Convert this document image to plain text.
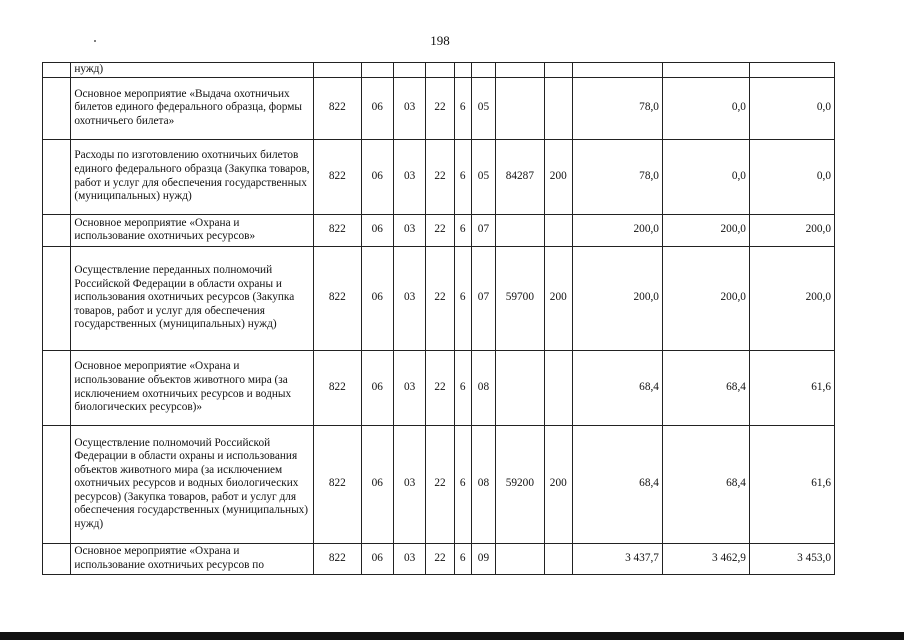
198
	нужд)											
	Основное мероприятие «Выдача охотничьих билетов единого федерального образца, формы охотничьего билета»	822	06	03	22	6	05			78,0	0,0	0,0
	Расходы по изготовлению охотничьих билетов единого федерального образца (Закупка товаров, работ и услуг для обеспечения государственных (муниципальных) нужд)	822	06	03	22	6	05	84287	200	78,0	0,0	0,0
	Основное мероприятие «Охрана и использование охотничьих ресурсов»	822	06	03	22	6	07			200,0	200,0	200,0
	Осуществление переданных полномочий Российской Федерации в области охраны и использования охотничьих ресурсов (Закупка товаров, работ и услуг для обеспечения государственных (муниципальных) нужд)	822	06	03	22	6	07	59700	200	200,0	200,0	200,0
	Основное мероприятие «Охрана и использование объектов животного мира (за исключением охотничьих ресурсов и водных биологических ресурсов)»	822	06	03	22	6	08			68,4	68,4	61,6
	Осуществление полномочий Российской Федерации в области охраны и использования объектов животного мира (за исключением охотничьих ресурсов и водных биологических ресурсов) (Закупка товаров, работ и услуг для обеспечения государственных (муниципальных) нужд)	822	06	03	22	6	08	59200	200	68,4	68,4	61,6
	Основное мероприятие «Охрана и использование охотничьих ресурсов по	822	06	03	22	6	09			3 437,7	3 462,9	3 453,0
